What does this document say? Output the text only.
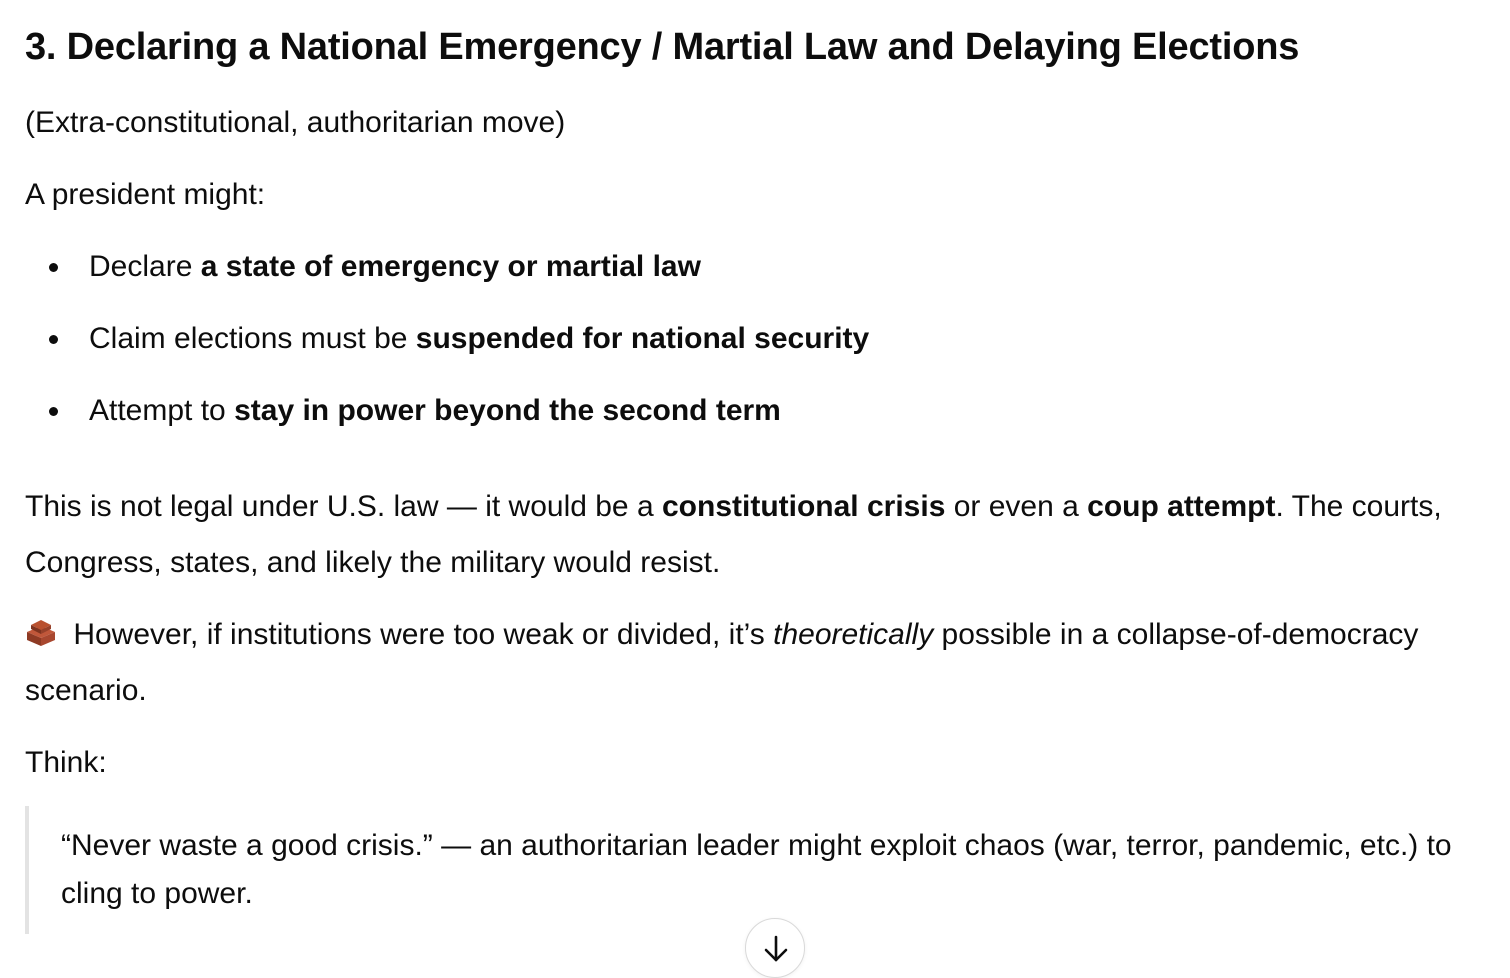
3. Declaring a National Emergency / Martial Law and Delaying Elections

(Extra-constitutional, authoritarian move)

A president might:

Declare a state of emergency or martial law
Claim elections must be suspended for national security
Attempt to stay in power beyond the second term

This is not legal under U.S. law — it would be a constitutional crisis or even a coup attempt. The courts, Congress, states, and likely the military would resist.

However, if institutions were too weak or divided, it’s theoretically possible in a collapse-of-democracy scenario.

Think:

“Never waste a good crisis.” — an authoritarian leader might exploit chaos (war, terror, pandemic, etc.) to cling to power.
